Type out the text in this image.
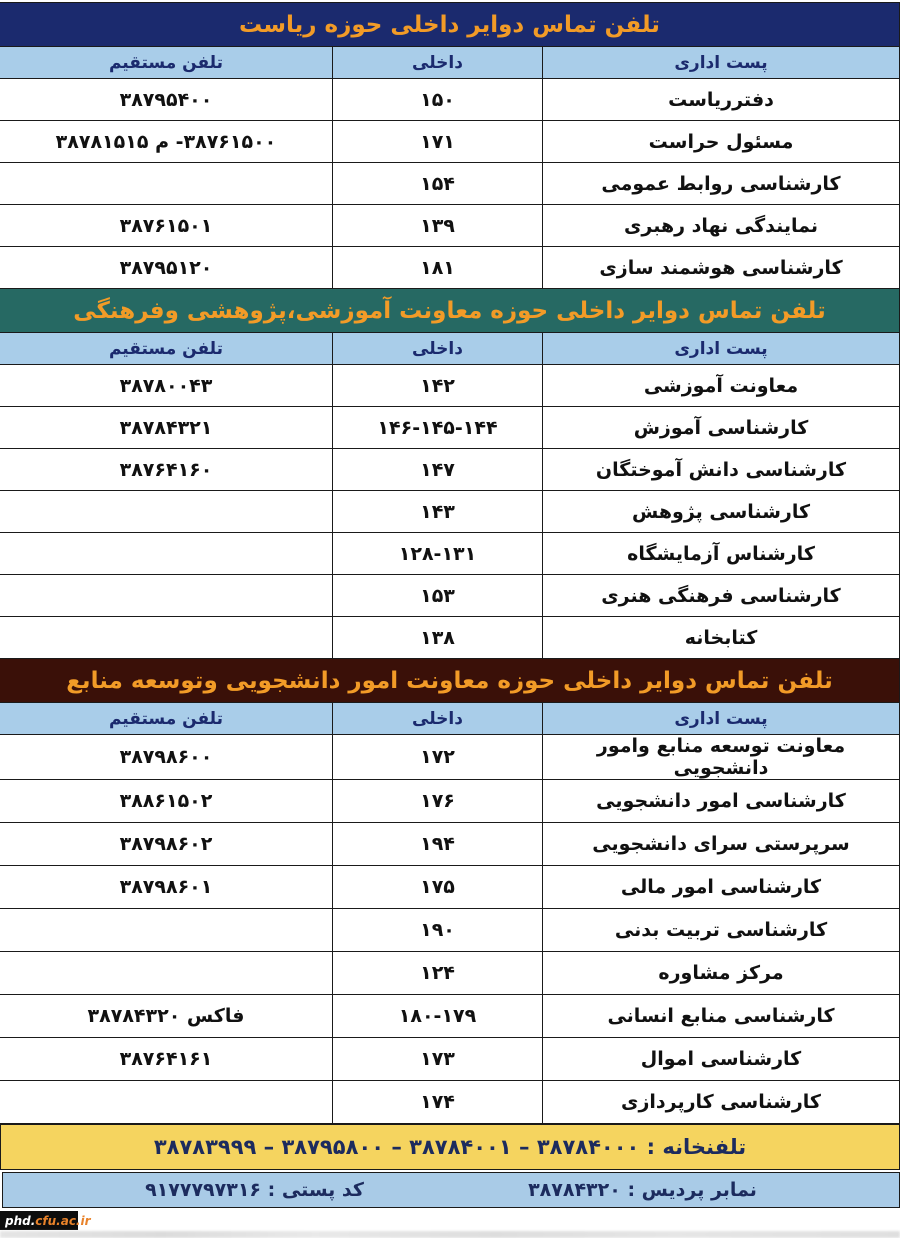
تلفن تماس دوایر داخلی حوزه ریاست		
پست اداری	داخلی	تلفن مستقیم
دفترریاست	۱۵۰	۳۸۷۹۵۴۰۰
مسئول حراست	۱۷۱	۳۸۷۶۱۵۰۰- م ۳۸۷۸۱۵۱۵
کارشناسی روابط عمومی	۱۵۴	
نمایندگی نهاد رهبری	۱۳۹	۳۸۷۶۱۵۰۱
کارشناسی هوشمند سازی	۱۸۱	۳۸۷۹۵۱۲۰
تلفن تماس دوایر داخلی حوزه معاونت آموزشی،پژوهشی وفرهنگی		
پست اداری	داخلی	تلفن مستقیم
معاونت آموزشی	۱۴۲	۳۸۷۸۰۰۴۳
کارشناسی آموزش	۱۴۶-۱۴۵-۱۴۴	۳۸۷۸۴۳۲۱
کارشناسی دانش آموختگان	۱۴۷	۳۸۷۶۴۱۶۰
کارشناسی پژوهش	۱۴۳	
کارشناس آزمایشگاه	۱۲۸-۱۳۱	
کارشناسی فرهنگی هنری	۱۵۳	
کتابخانه	۱۳۸	
تلفن تماس دوایر داخلی حوزه معاونت امور دانشجویی وتوسعه منابع		
پست اداری	داخلی	تلفن مستقیم
معاونت توسعه منابع وامور دانشجویی	۱۷۲	۳۸۷۹۸۶۰۰
کارشناسی امور دانشجویی	۱۷۶	۳۸۸۶۱۵۰۲
سرپرستی سرای دانشجویی	۱۹۴	۳۸۷۹۸۶۰۲
کارشناسی امور مالی	۱۷۵	۳۸۷۹۸۶۰۱
کارشناسی تربیت بدنی	۱۹۰	
مرکز مشاوره	۱۲۴	
کارشناسی منابع انسانی	۱۸۰-۱۷۹	فاکس ۳۸۷۸۴۳۲۰
کارشناسی اموال	۱۷۳	۳۸۷۶۴۱۶۱
کارشناسی کارپردازی	۱۷۴	
تلفنخانه : ۳۸۷۸۴۰۰۰ – ۳۸۷۸۴۰۰۱ – ۳۸۷۹۵۸۰۰ – ۳۸۷۸۳۹۹۹
نمابر پردیس : ۳۸۷۸۴۳۲۰
کد پستی : ۹۱۷۷۷۹۷۳۱۶
phd. cfu.ac.ir
